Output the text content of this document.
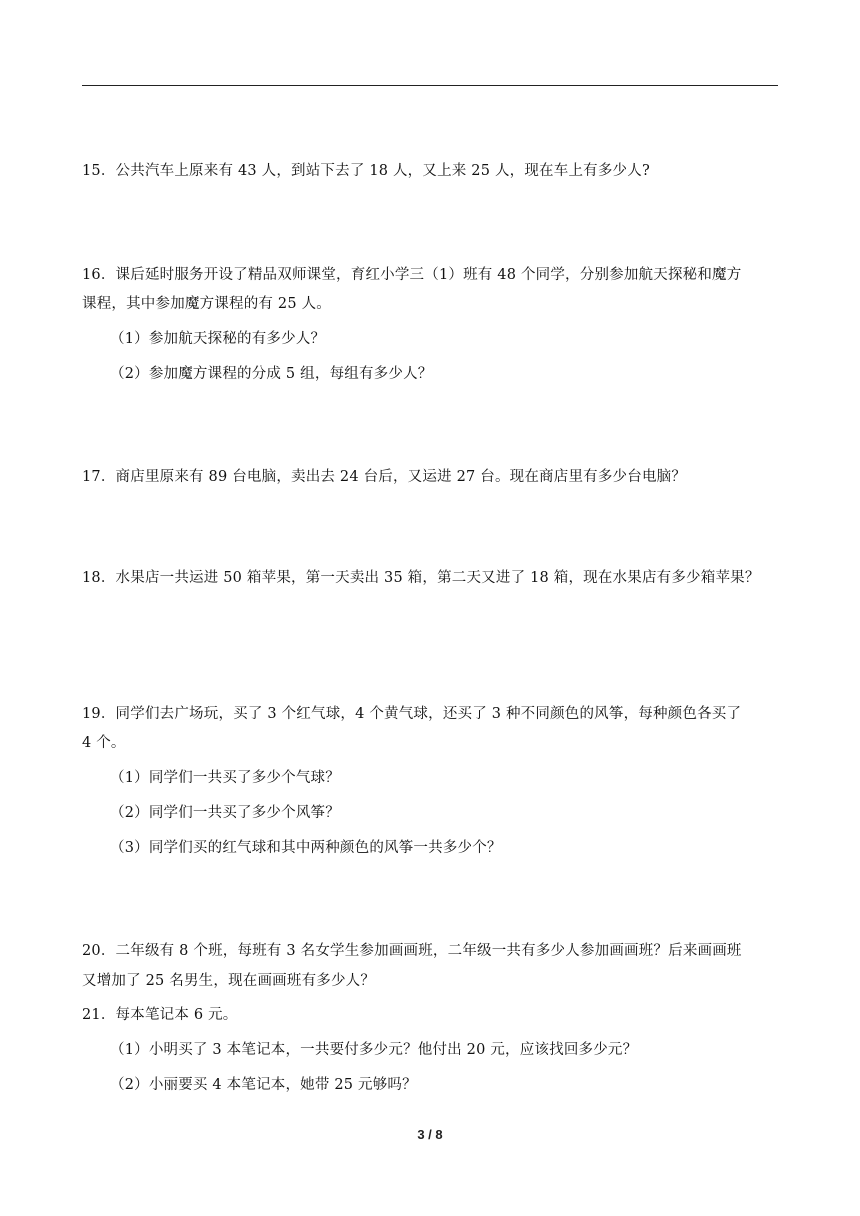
15．公共汽车上原来有 43 人，到站下去了 18 人，又上来 25 人，现在车上有多少人?
16．课后延时服务开设了精品双师课堂，育红小学三（1）班有 48 个同学，分别参加航天探秘和魔方
课程，其中参加魔方课程的有 25 人。
（1）参加航天探秘的有多少人？
（2）参加魔方课程的分成 5 组，每组有多少人？
17．商店里原来有 89 台电脑，卖出去 24 台后，又运进 27 台。现在商店里有多少台电脑？
18．水果店一共运进 50 箱苹果，第一天卖出 35 箱，第二天又进了 18 箱，现在水果店有多少箱苹果？
19．同学们去广场玩，买了 3 个红气球，4 个黄气球，还买了 3 种不同颜色的风筝，每种颜色各买了
4 个。
（1）同学们一共买了多少个气球？
（2）同学们一共买了多少个风筝？
（3）同学们买的红气球和其中两种颜色的风筝一共多少个？
20．二年级有 8 个班，每班有 3 名女学生参加画画班，二年级一共有多少人参加画画班？后来画画班
又增加了 25 名男生，现在画画班有多少人？
21．每本笔记本 6 元。
（1）小明买了 3 本笔记本，一共要付多少元？他付出 20 元，应该找回多少元？
（2）小丽要买 4 本笔记本，她带 25 元够吗？
3 / 8
